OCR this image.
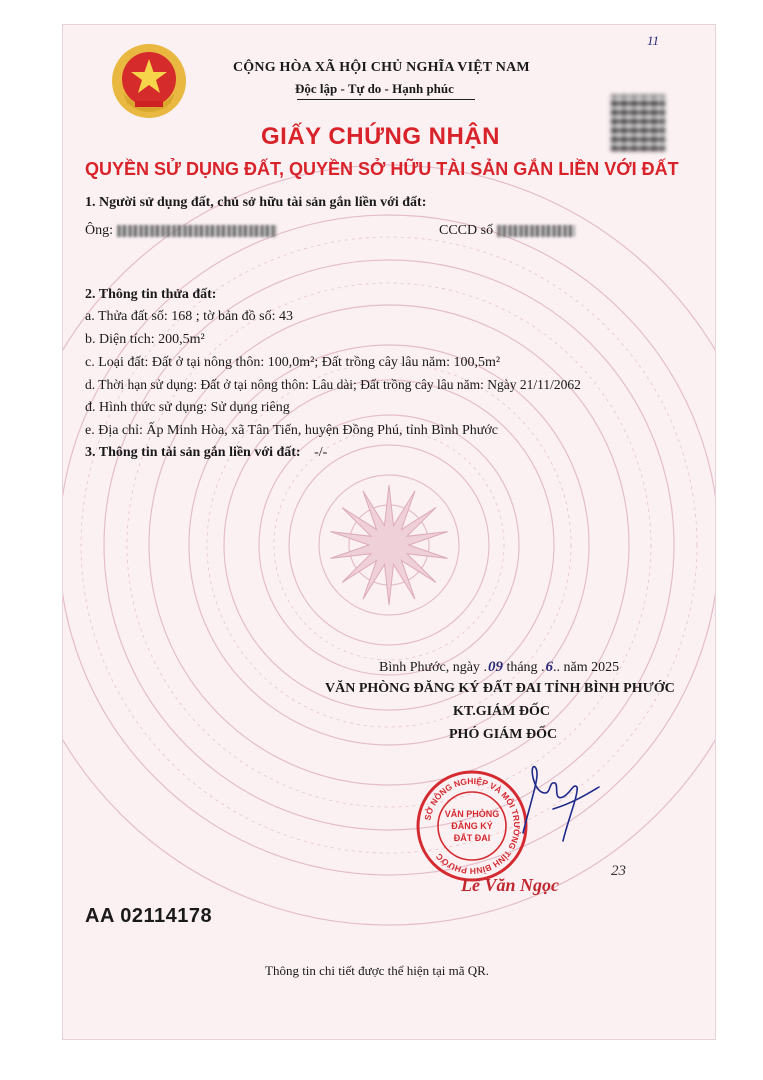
11
CỘNG HÒA XÃ HỘI CHỦ NGHĨA VIỆT NAM
Độc lập - Tự do - Hạnh phúc
GIẤY CHỨNG NHẬN
QUYỀN SỬ DỤNG ĐẤT, QUYỀN SỞ HỮU TÀI SẢN GẮN LIỀN VỚI ĐẤT
1. Người sử dụng đất, chủ sở hữu tài sản gắn liền với đất:
Ông:	CCCD số
2. Thông tin thửa đất:
a. Thửa đất số: 168 ; tờ bản đồ số: 43
b. Diện tích: 200,5m²
c. Loại đất: Đất ở tại nông thôn: 100,0m²; Đất trồng cây lâu năm: 100,5m²
d. Thời hạn sử dụng: Đất ở tại nông thôn: Lâu dài; Đất trồng cây lâu năm: Ngày 21/11/2062
đ. Hình thức sử dụng: Sử dụng riêng
e. Địa chỉ: Ấp Minh Hòa, xã Tân Tiến, huyện Đồng Phú, tỉnh Bình Phước
3. Thông tin tài sản gắn liền với đất: -/-
Bình Phước, ngày .09 tháng .6.. năm 2025
VĂN PHÒNG ĐĂNG KÝ ĐẤT ĐAI TỈNH BÌNH PHƯỚC
KT.GIÁM ĐỐC
PHÓ GIÁM ĐỐC
SỞ NÔNG NGHIỆP VÀ MÔI TRƯỜNG TỈNH BÌNH PHƯỚC
VĂN PHÒNG
ĐĂNG KÝ
ĐẤT ĐAI
Lê Văn Ngọc
23
AA 02114178
Thông tin chi tiết được thể hiện tại mã QR.
